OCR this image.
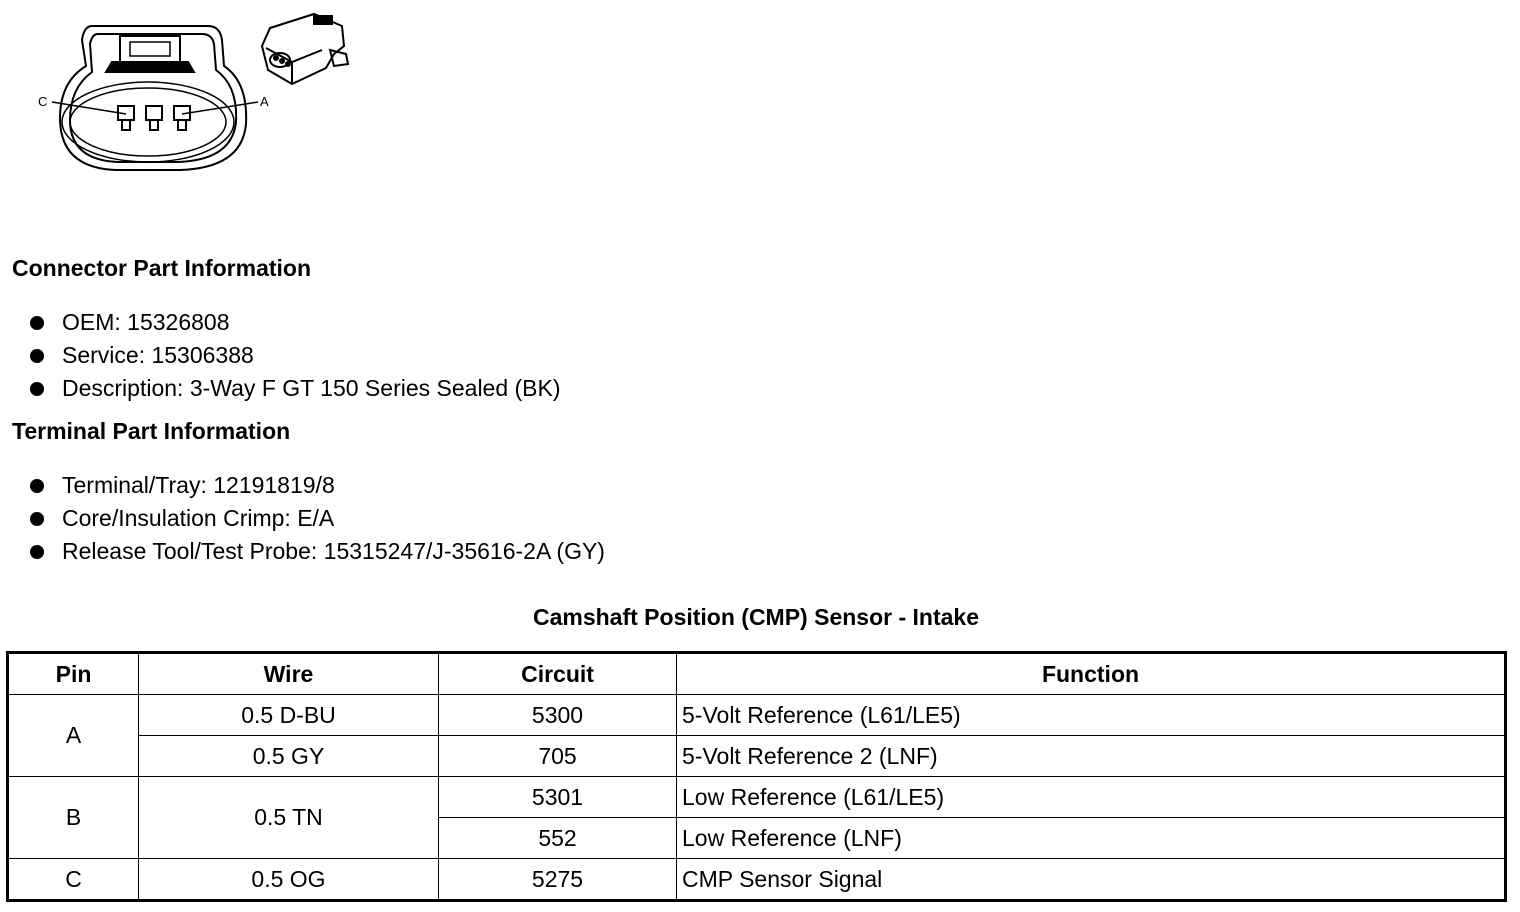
C	A
Connector Part Information
OEM: 15326808
Service: 15306388
Description: 3-Way F GT 150 Series Sealed (BK)
Terminal Part Information
Terminal/Tray: 12191819/8
Core/Insulation Crimp: E/A
Release Tool/Test Probe: 15315247/J-35616-2A (GY)
Camshaft Position (CMP) Sensor - Intake
Pin	Wire	Circuit	Function
A	0.5 D-BU	5300	5-Volt Reference (L61/LE5)
	0.5 GY	705	5-Volt Reference 2 (LNF)
B	0.5 TN	5301	Low Reference (L61/LE5)
		552	Low Reference (LNF)
C	0.5 OG	5275	CMP Sensor Signal
